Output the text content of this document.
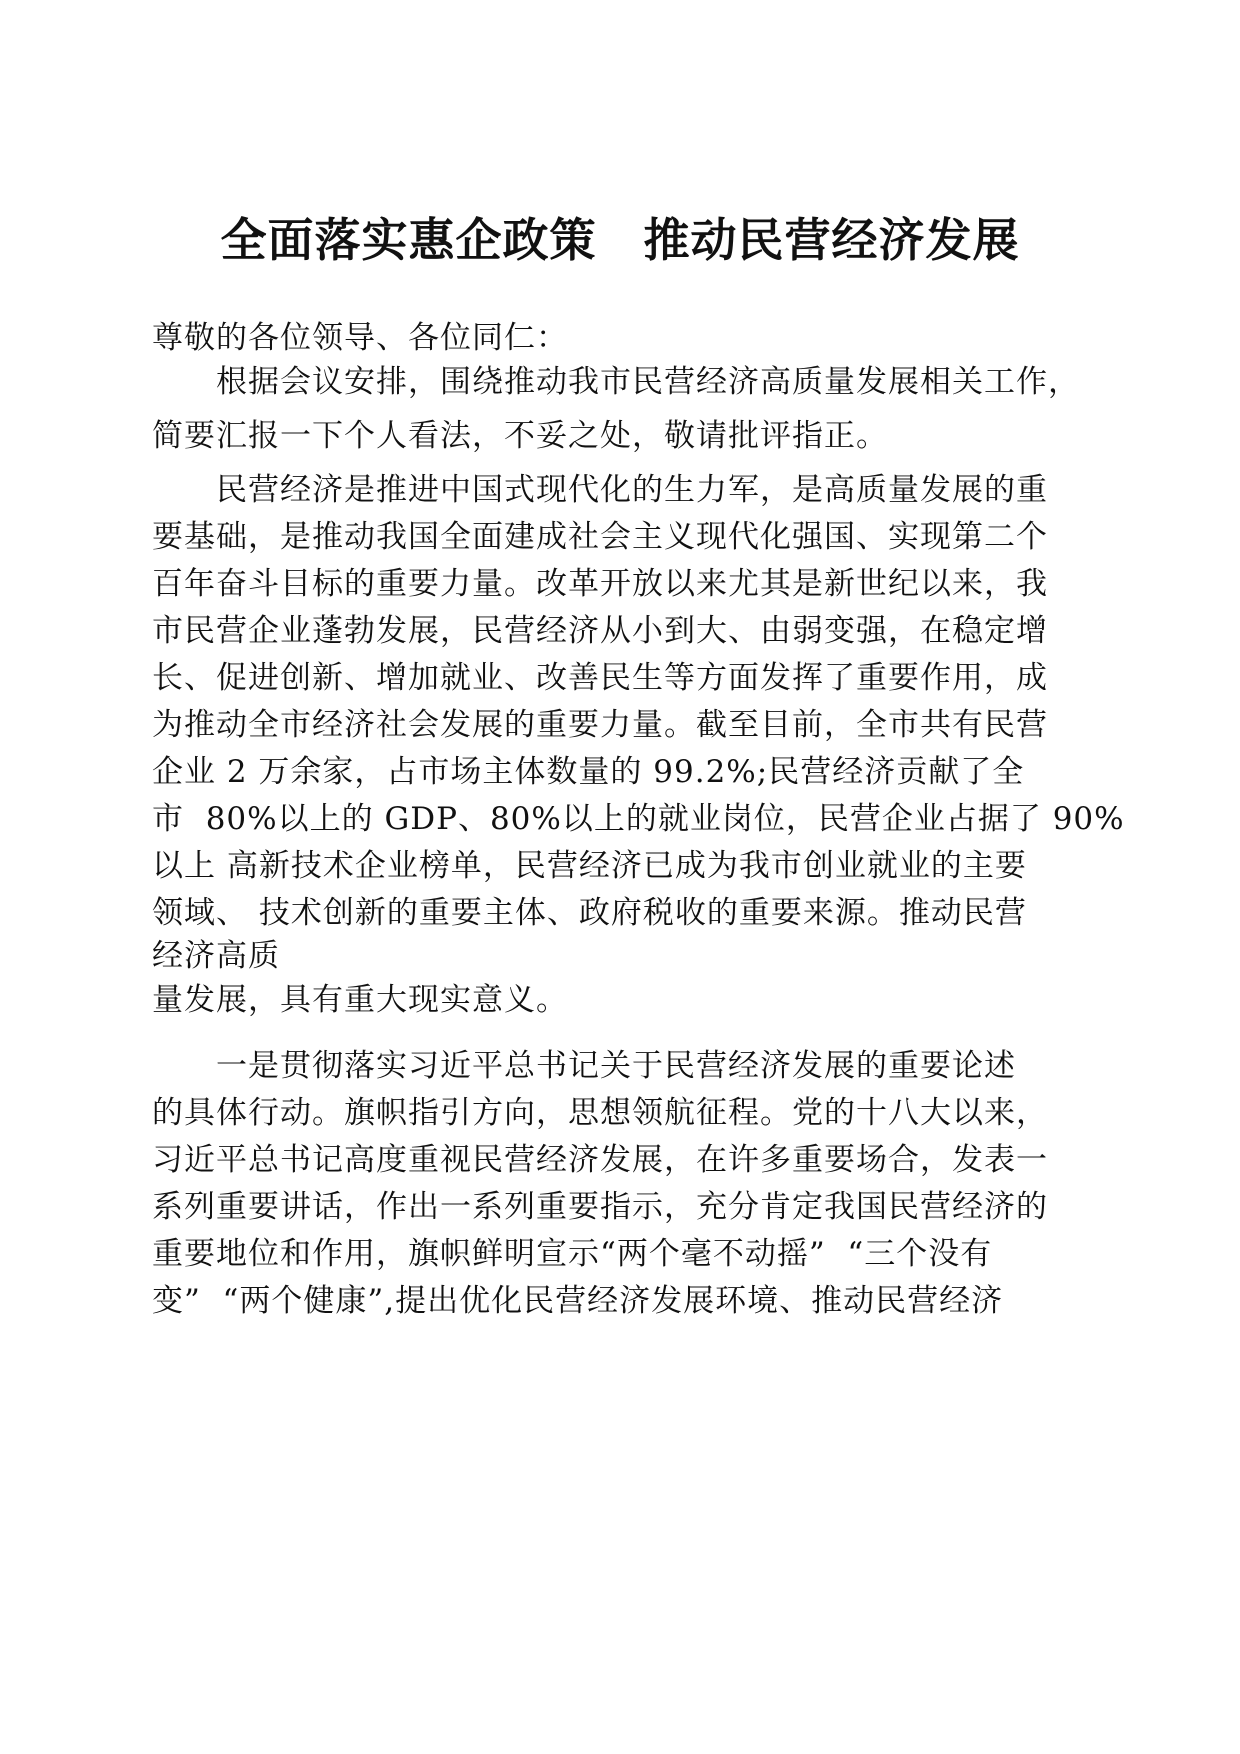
全面落实惠企政策　推动民营经济发展
尊敬的各位领导、各位同仁：
　　根据会议安排，围绕推动我市民营经济高质量发展相关工作，
简要汇报一下个人看法，不妥之处，敬请批评指正。
　　民营经济是推进中国式现代化的生力军，是高质量发展的重
要基础，是推动我国全面建成社会主义现代化强国、实现第二个
百年奋斗目标的重要力量。改革开放以来尤其是新世纪以来，我
市民营企业蓬勃发展，民营经济从小到大、由弱变强，在稳定增
长、促进创新、增加就业、改善民生等方面发挥了重要作用，成
为推动全市经济社会发展的重要力量。截至目前，全市共有民营
企业 2 万余家，占市场主体数量的 99.2%;民营经济贡献了全
市  80%以上的 GDP、80%以上的就业岗位，民营企业占据了 90%
以上 高新技术企业榜单，民营经济已成为我市创业就业的主要
领域、 技术创新的重要主体、政府税收的重要来源。推动民营
经济高质
量发展，具有重大现实意义。
　　一是贯彻落实习近平总书记关于民营经济发展的重要论述
的具体行动。旗帜指引方向，思想领航征程。党的十八大以来，
习近平总书记高度重视民营经济发展，在许多重要场合，发表一
系列重要讲话，作出一系列重要指示，充分肯定我国民营经济的
重要地位和作用，旗帜鲜明宣示“两个毫不动摇”  “三个没有
变”  “两个健康”,提出优化民营经济发展环境、推动民营经济
